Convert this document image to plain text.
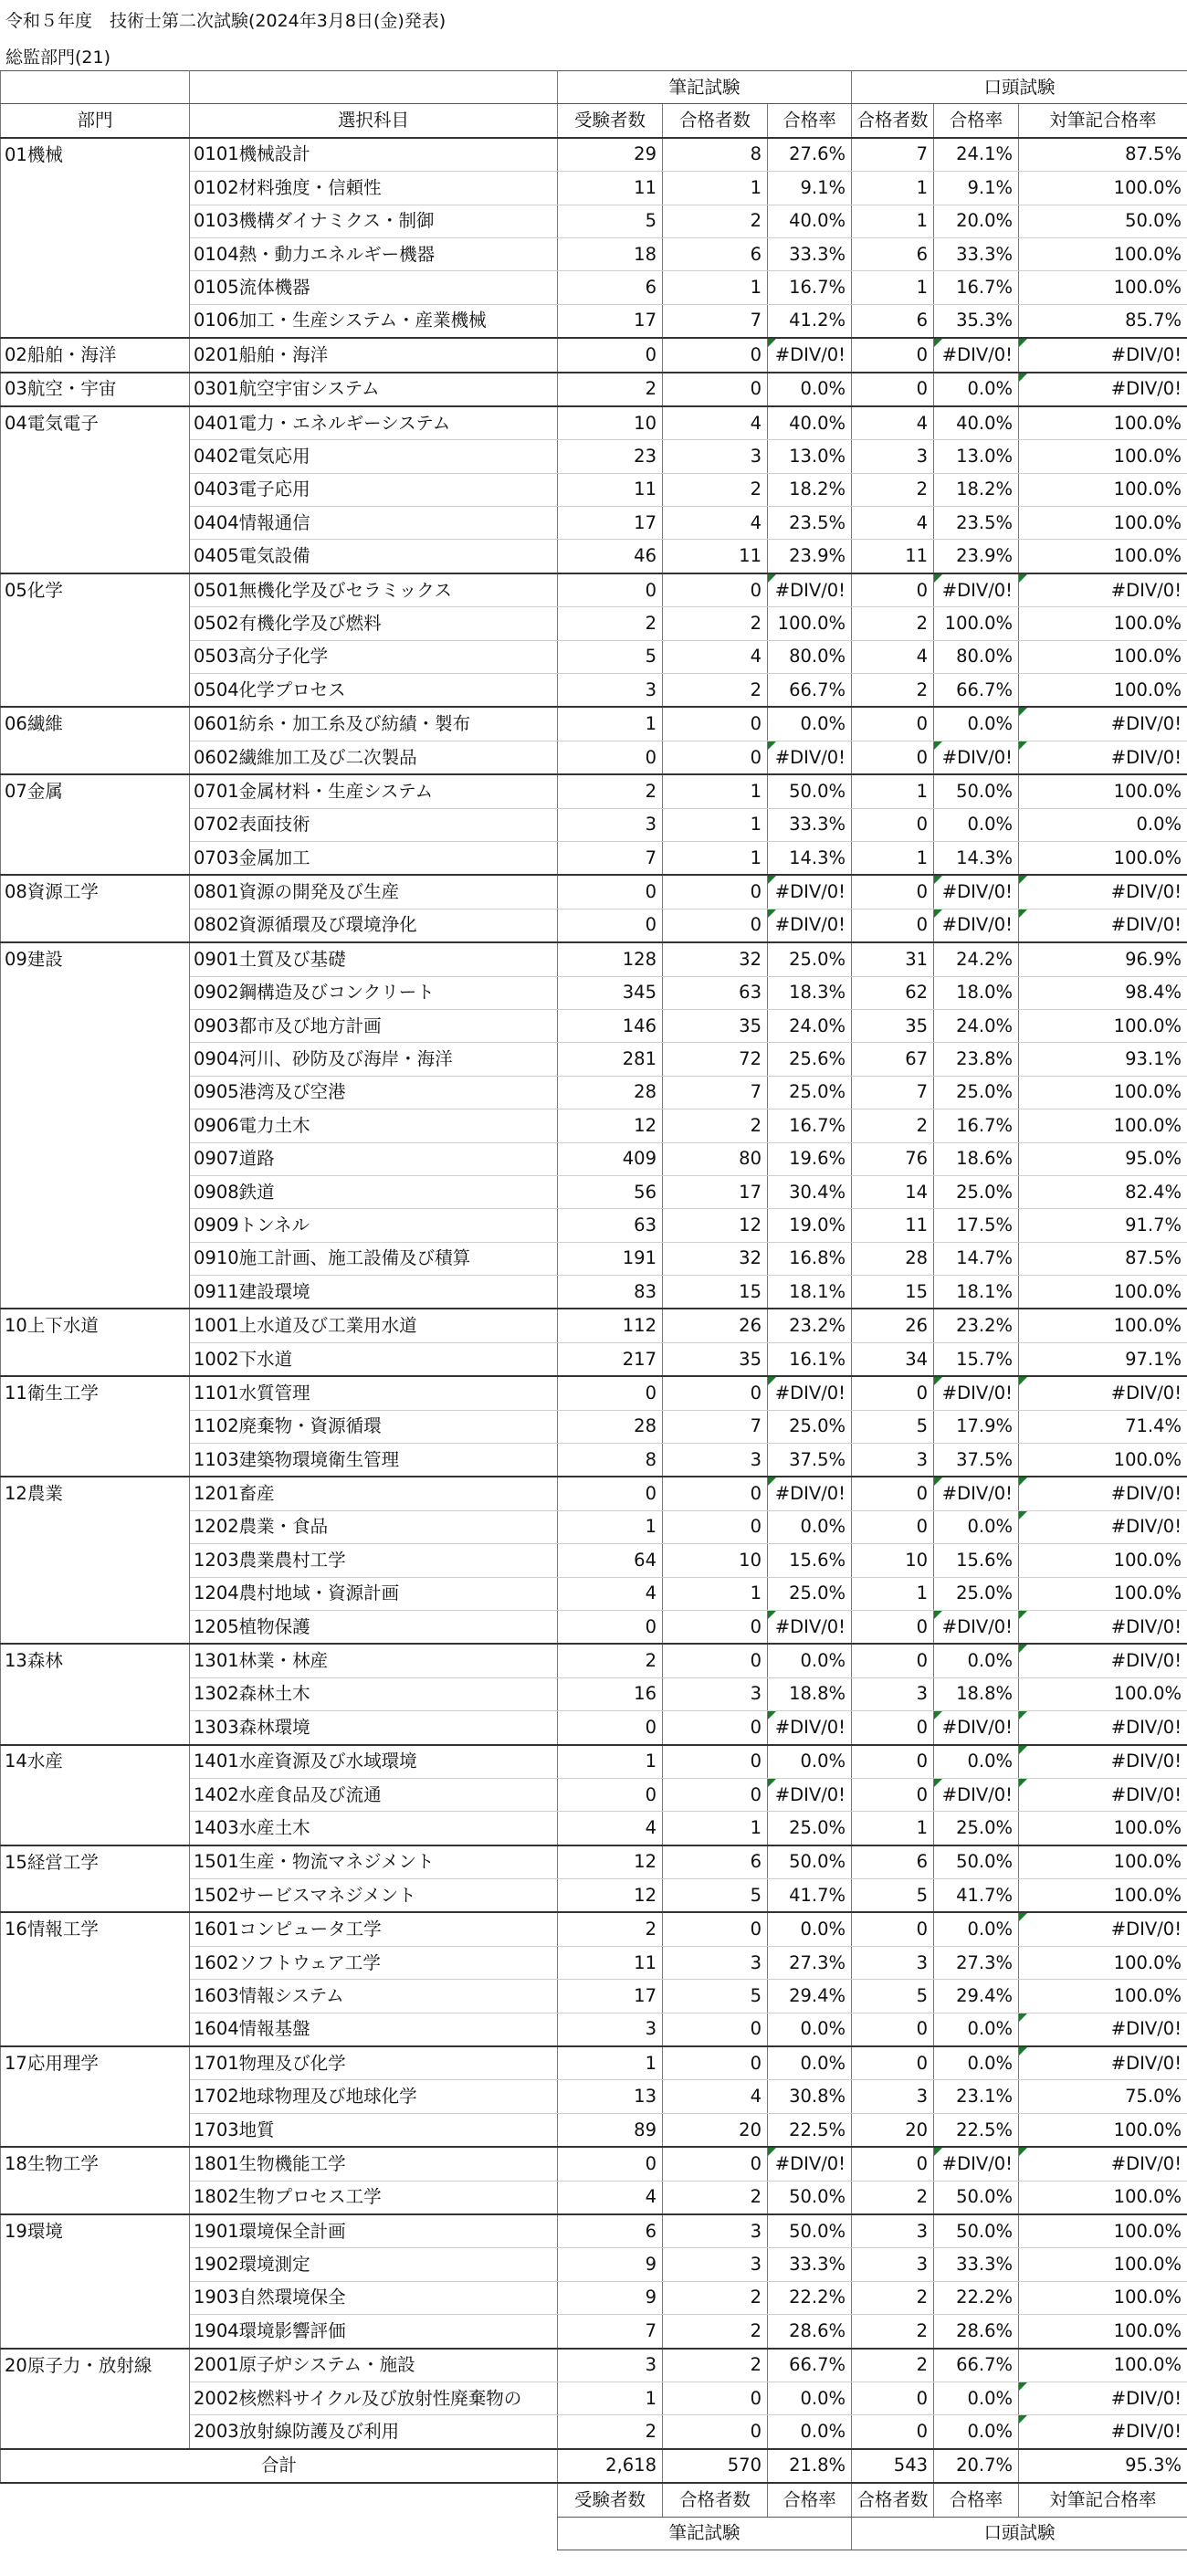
令和５年度　技術士第二次試験(2024年3月8日(金)発表)
総監部門(21)
		筆記試験			口頭試験		
部門	選択科目	受験者数	合格者数	合格率	合格者数	合格率	対筆記合格率
01機械	0101機械設計	29	8	27.6%	7	24.1%	87.5%
	0102材料強度・信頼性	11	1	9.1%	1	9.1%	100.0%
	0103機構ダイナミクス・制御	5	2	40.0%	1	20.0%	50.0%
	0104熱・動力エネルギー機器	18	6	33.3%	6	33.3%	100.0%
	0105流体機器	6	1	16.7%	1	16.7%	100.0%
	0106加工・生産システム・産業機械	17	7	41.2%	6	35.3%	85.7%
02船舶・海洋	0201船舶・海洋	0	0	#DIV/0!	0	#DIV/0!	#DIV/0!
03航空・宇宙	0301航空宇宙システム	2	0	0.0%	0	0.0%	#DIV/0!
04電気電子	0401電力・エネルギーシステム	10	4	40.0%	4	40.0%	100.0%
	0402電気応用	23	3	13.0%	3	13.0%	100.0%
	0403電子応用	11	2	18.2%	2	18.2%	100.0%
	0404情報通信	17	4	23.5%	4	23.5%	100.0%
	0405電気設備	46	11	23.9%	11	23.9%	100.0%
05化学	0501無機化学及びセラミックス	0	0	#DIV/0!	0	#DIV/0!	#DIV/0!
	0502有機化学及び燃料	2	2	100.0%	2	100.0%	100.0%
	0503高分子化学	5	4	80.0%	4	80.0%	100.0%
	0504化学プロセス	3	2	66.7%	2	66.7%	100.0%
06繊維	0601紡糸・加工糸及び紡績・製布	1	0	0.0%	0	0.0%	#DIV/0!
	0602繊維加工及び二次製品	0	0	#DIV/0!	0	#DIV/0!	#DIV/0!
07金属	0701金属材料・生産システム	2	1	50.0%	1	50.0%	100.0%
	0702表面技術	3	1	33.3%	0	0.0%	0.0%
	0703金属加工	7	1	14.3%	1	14.3%	100.0%
08資源工学	0801資源の開発及び生産	0	0	#DIV/0!	0	#DIV/0!	#DIV/0!
	0802資源循環及び環境浄化	0	0	#DIV/0!	0	#DIV/0!	#DIV/0!
09建設	0901土質及び基礎	128	32	25.0%	31	24.2%	96.9%
	0902鋼構造及びコンクリート	345	63	18.3%	62	18.0%	98.4%
	0903都市及び地方計画	146	35	24.0%	35	24.0%	100.0%
	0904河川、砂防及び海岸・海洋	281	72	25.6%	67	23.8%	93.1%
	0905港湾及び空港	28	7	25.0%	7	25.0%	100.0%
	0906電力土木	12	2	16.7%	2	16.7%	100.0%
	0907道路	409	80	19.6%	76	18.6%	95.0%
	0908鉄道	56	17	30.4%	14	25.0%	82.4%
	0909トンネル	63	12	19.0%	11	17.5%	91.7%
	0910施工計画、施工設備及び積算	191	32	16.8%	28	14.7%	87.5%
	0911建設環境	83	15	18.1%	15	18.1%	100.0%
10上下水道	1001上水道及び工業用水道	112	26	23.2%	26	23.2%	100.0%
	1002下水道	217	35	16.1%	34	15.7%	97.1%
11衛生工学	1101水質管理	0	0	#DIV/0!	0	#DIV/0!	#DIV/0!
	1102廃棄物・資源循環	28	7	25.0%	5	17.9%	71.4%
	1103建築物環境衛生管理	8	3	37.5%	3	37.5%	100.0%
12農業	1201畜産	0	0	#DIV/0!	0	#DIV/0!	#DIV/0!
	1202農業・食品	1	0	0.0%	0	0.0%	#DIV/0!
	1203農業農村工学	64	10	15.6%	10	15.6%	100.0%
	1204農村地域・資源計画	4	1	25.0%	1	25.0%	100.0%
	1205植物保護	0	0	#DIV/0!	0	#DIV/0!	#DIV/0!
13森林	1301林業・林産	2	0	0.0%	0	0.0%	#DIV/0!
	1302森林土木	16	3	18.8%	3	18.8%	100.0%
	1303森林環境	0	0	#DIV/0!	0	#DIV/0!	#DIV/0!
14水産	1401水産資源及び水域環境	1	0	0.0%	0	0.0%	#DIV/0!
	1402水産食品及び流通	0	0	#DIV/0!	0	#DIV/0!	#DIV/0!
	1403水産土木	4	1	25.0%	1	25.0%	100.0%
15経営工学	1501生産・物流マネジメント	12	6	50.0%	6	50.0%	100.0%
	1502サービスマネジメント	12	5	41.7%	5	41.7%	100.0%
16情報工学	1601コンピュータ工学	2	0	0.0%	0	0.0%	#DIV/0!
	1602ソフトウェア工学	11	3	27.3%	3	27.3%	100.0%
	1603情報システム	17	5	29.4%	5	29.4%	100.0%
	1604情報基盤	3	0	0.0%	0	0.0%	#DIV/0!
17応用理学	1701物理及び化学	1	0	0.0%	0	0.0%	#DIV/0!
	1702地球物理及び地球化学	13	4	30.8%	3	23.1%	75.0%
	1703地質	89	20	22.5%	20	22.5%	100.0%
18生物工学	1801生物機能工学	0	0	#DIV/0!	0	#DIV/0!	#DIV/0!
	1802生物プロセス工学	4	2	50.0%	2	50.0%	100.0%
19環境	1901環境保全計画	6	3	50.0%	3	50.0%	100.0%
	1902環境測定	9	3	33.3%	3	33.3%	100.0%
	1903自然環境保全	9	2	22.2%	2	22.2%	100.0%
	1904環境影響評価	7	2	28.6%	2	28.6%	100.0%
20原子力・放射線	2001原子炉システム・施設	3	2	66.7%	2	66.7%	100.0%
	2002核燃料サイクル及び放射性廃棄物の	1	0	0.0%	0	0.0%	#DIV/0!
	2003放射線防護及び利用	2	0	0.0%	0	0.0%	#DIV/0!
合計		2,618	570	21.8%	543	20.7%	95.3%
		受験者数	合格者数	合格率	合格者数	合格率	対筆記合格率
		筆記試験			口頭試験		
